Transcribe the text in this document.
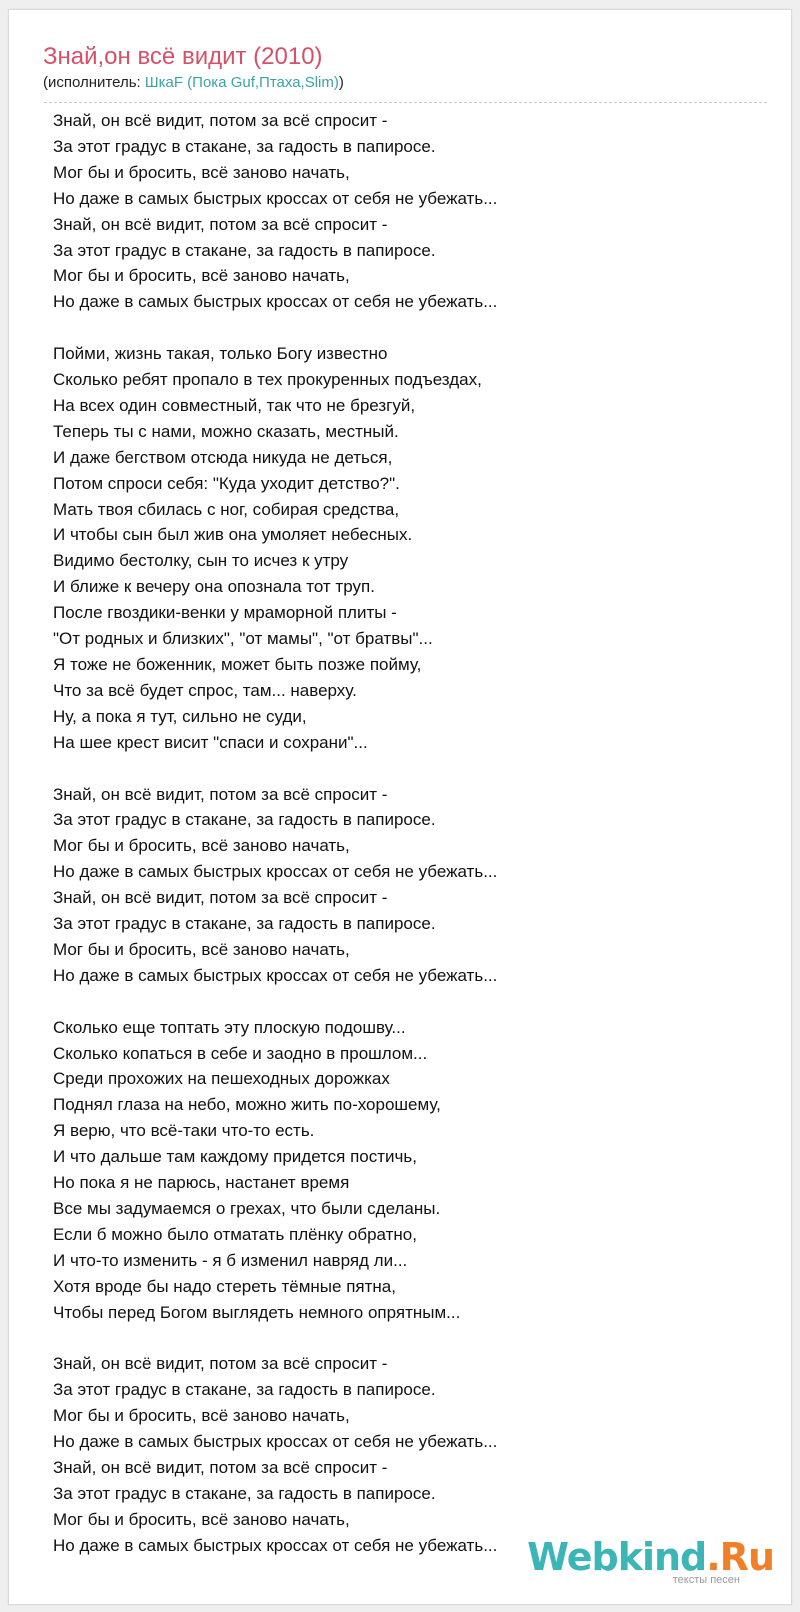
Знай,он всё видит (2010)
(исполнитель: ШкаF (Пока Guf,Птаха,Slim))
Знай, он всё видит, потом за всё спросит -
За этот градус в стакане, за гадость в папиросе.
Мог бы и бросить, всё заново начать,
Но даже в самых быстрых кроссах от себя не убежать...
Знай, он всё видит, потом за всё спросит -
За этот градус в стакане, за гадость в папиросе.
Мог бы и бросить, всё заново начать,
Но даже в самых быстрых кроссах от себя не убежать...
Пойми, жизнь такая, только Богу известно
Сколько ребят пропало в тех прокуренных подъездах,
На всех один совместный, так что не брезгуй,
Теперь ты с нами, можно сказать, местный.
И даже бегством отсюда никуда не деться,
Потом спроси себя: "Куда уходит детство?".
Мать твоя сбилась с ног, собирая средства,
И чтобы сын был жив она умоляет небесных.
Видимо бестолку, сын то исчез к утру
И ближе к вечеру она опознала тот труп.
После гвоздики-венки у мраморной плиты -
"От родных и близких", "от мамы", "от братвы"...
Я тоже не боженник, может быть позже пойму,
Что за всё будет спрос, там... наверху.
Ну, а пока я тут, сильно не суди,
На шее крест висит "спаси и сохрани"...
Знай, он всё видит, потом за всё спросит -
За этот градус в стакане, за гадость в папиросе.
Мог бы и бросить, всё заново начать,
Но даже в самых быстрых кроссах от себя не убежать...
Знай, он всё видит, потом за всё спросит -
За этот градус в стакане, за гадость в папиросе.
Мог бы и бросить, всё заново начать,
Но даже в самых быстрых кроссах от себя не убежать...
Сколько еще топтать эту плоскую подошву...
Сколько копаться в себе и заодно в прошлом...
Среди прохожих на пешеходных дорожках
Поднял глаза на небо, можно жить по-хорошему,
Я верю, что всё-таки что-то есть.
И что дальше там каждому придется постичь,
Но пока я не парюсь, настанет время
Все мы задумаемся о грехах, что были сделаны.
Если б можно было отматать плёнку обратно,
И что-то изменить - я б изменил навряд ли...
Хотя вроде бы надо стереть тёмные пятна,
Чтобы перед Богом выглядеть немного опрятным...
Знай, он всё видит, потом за всё спросит -
За этот градус в стакане, за гадость в папиросе.
Мог бы и бросить, всё заново начать,
Но даже в самых быстрых кроссах от себя не убежать...
Знай, он всё видит, потом за всё спросит -
За этот градус в стакане, за гадость в папиросе.
Мог бы и бросить, всё заново начать,
Но даже в самых быстрых кроссах от себя не убежать... Webkind.Ru
тексты песен
